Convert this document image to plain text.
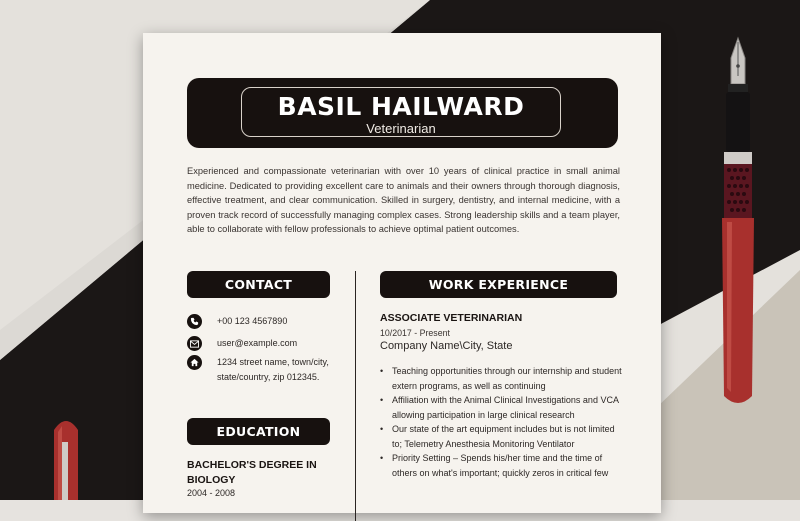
BASIL HAILWARD
Veterinarian
Experienced and compassionate veterinarian with over 10 years of clinical practice in small animal medicine. Dedicated to providing excellent care to animals and their owners through thorough diagnosis, effective treatment, and clear communication. Skilled in surgery, dentistry, and internal medicine, with a proven track record of successfully managing complex cases. Strong leadership skills and a team player, able to collaborate with fellow professionals to achieve optimal patient outcomes.
CONTACT
+00 123 4567890
user@example.com
1234 street name, town/city, state/country, zip 012345.
EDUCATION
BACHELOR'S DEGREE IN BIOLOGY
2004 - 2008
WORK EXPERIENCE
ASSOCIATE VETERINARIAN
10/2017 - Present
Company Name\City, State
• Teaching opportunities through our internship and student extern programs, as well as continuing
• Affiliation with the Animal Clinical Investigations and VCA allowing participation in large clinical research
• Our state of the art equipment includes but is not limited to; Telemetry Anesthesia Monitoring Ventilator
• Priority Setting – Spends his/her time and the time of others on what's important; quickly zeros in critical few
